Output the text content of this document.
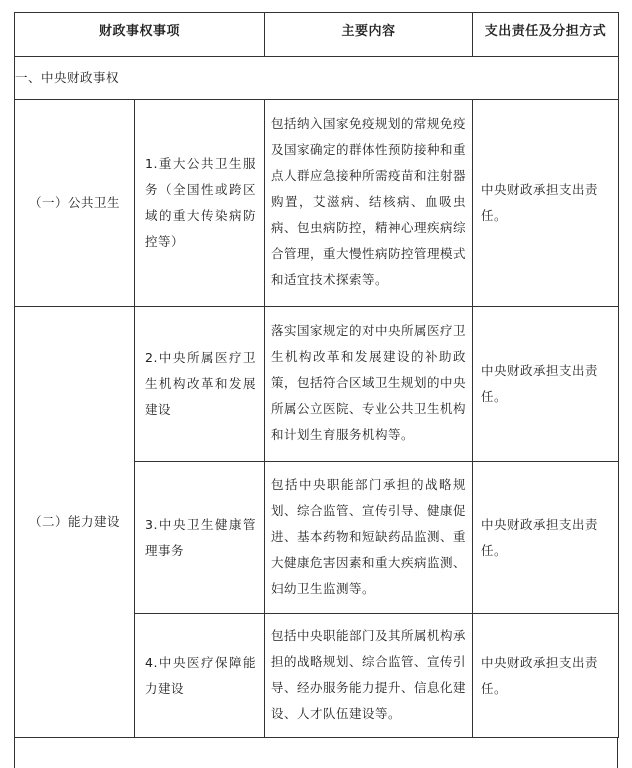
财政事权事项		主要内容	支出责任及分担方式
一、中央财政事权			
（一）公共卫生	1.重大公共卫生服务（全国性或跨区域的重大传染病防控等）	包括纳入国家免疫规划的常规免疫及国家确定的群体性预防接种和重点人群应急接种所需疫苗和注射器购置，艾滋病、结核病、血吸虫病、包虫病防控，精神心理疾病综合管理，重大慢性病防控管理模式和适宜技术探索等。	中央财政承担支出责任。
（二）能力建设	2.中央所属医疗卫生机构改革和发展建设	落实国家规定的对中央所属医疗卫生机构改革和发展建设的补助政策，包括符合区域卫生规划的中央所属公立医院、专业公共卫生机构和计划生育服务机构等。	中央财政承担支出责任。
	3.中央卫生健康管理事务	包括中央职能部门承担的战略规划、综合监管、宣传引导、健康促进、基本药物和短缺药品监测、重大健康危害因素和重大疾病监测、妇幼卫生监测等。	中央财政承担支出责任。
	4.中央医疗保障能力建设	包括中央职能部门及其所属机构承担的战略规划、综合监管、宣传引导、经办服务能力提升、信息化建设、人才队伍建设等。	中央财政承担支出责任。
